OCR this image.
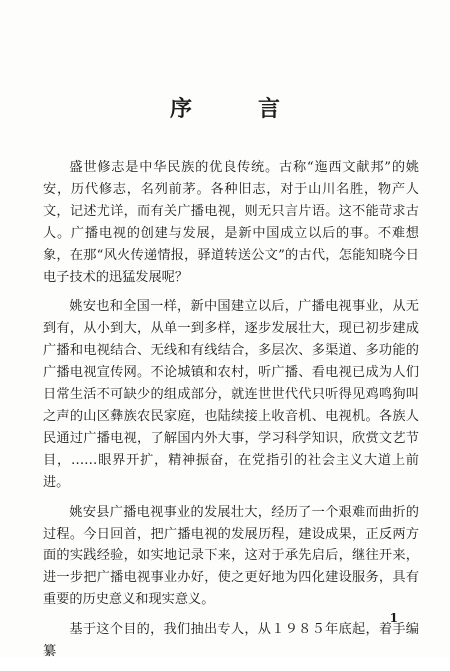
序　言

盛世修志是中华民族的优良传统。古称“迤西文献邦”的姚安，历代修志，名列前茅。各种旧志，对于山川名胜，物产人文，记述尤详，而有关广播电视，则无只言片语。这不能苛求古人。广播电视的创建与发展，是新中国成立以后的事。不难想象，在那“风火传递情报，驿道转送公文”的古代，怎能知晓今日电子技术的迅猛发展呢？

姚安也和全国一样，新中国建立以后，广播电视事业，从无到有，从小到大，从单一到多样，逐步发展壮大，现已初步建成广播和电视结合、无线和有线结合，多层次、多渠道、多功能的广播电视宣传网。不论城镇和农村，听广播、看电视已成为人们日常生活不可缺少的组成部分，就连世世代代只听得见鸡鸣狗叫之声的山区彝族农民家庭，也陆续接上收音机、电视机。各族人民通过广播电视，了解国内外大事，学习科学知识，欣赏文艺节目，……眼界开扩，精神振奋，在党指引的社会主义大道上前进。

姚安县广播电视事业的发展壮大，经历了一个艰难而曲折的过程。今日回首，把广播电视的发展历程，建设成果，正反两方面的实践经验，如实地记录下来，这对于承先启后，继往开来，进一步把广播电视事业办好，使之更好地为四化建设服务，具有重要的历史意义和现实意义。

基于这个目的，我们抽出专人，从１９８５年底起，着手编纂

1
